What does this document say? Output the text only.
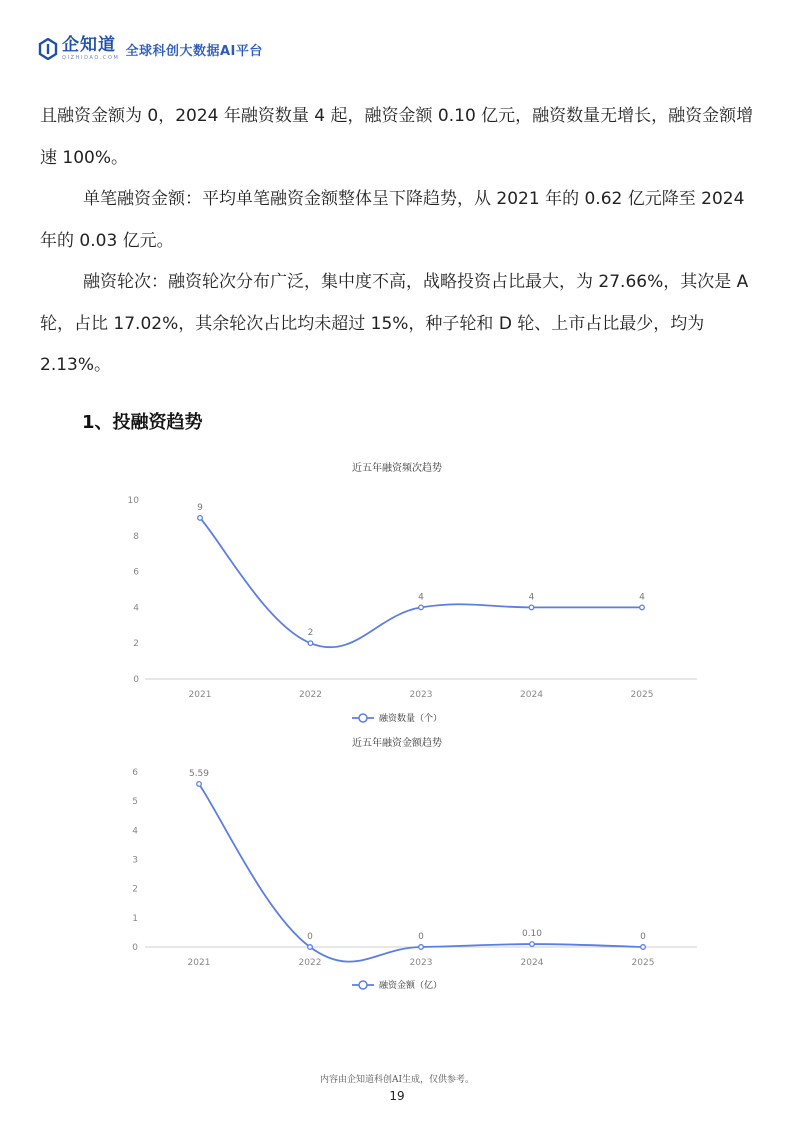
企知道
QIZHIDAO.COM 全球科创大数据AI平台

且融资金额为 0，2024 年融资数量 4 起，融资金额 0.10 亿元，融资数量无增长，融资金额增速 100%。

单笔融资金额：平均单笔融资金额整体呈下降趋势，从 2021 年的 0.62 亿元降至 2024 年的 0.03 亿元。

融资轮次：融资轮次分布广泛，集中度不高，战略投资占比最大，为 27.66%，其次是 A 轮，占比 17.02%，其余轮次占比均未超过 15%，种子轮和 D 轮、上市占比最少，均为 2.13%。

1、投融资趋势
近五年融资频次趋势
0
2
4
6
8
10
2021	2022	2023	2024	2025
9
2
4	4	4
融资数量（个）
近五年融资金额趋势
0
1
2
3
4
5
6
2021	2022	2023	2024	2025
5.59
0	0	0.10	0
融资金额（亿）
内容由企知道科创AI生成，仅供参考。
19
